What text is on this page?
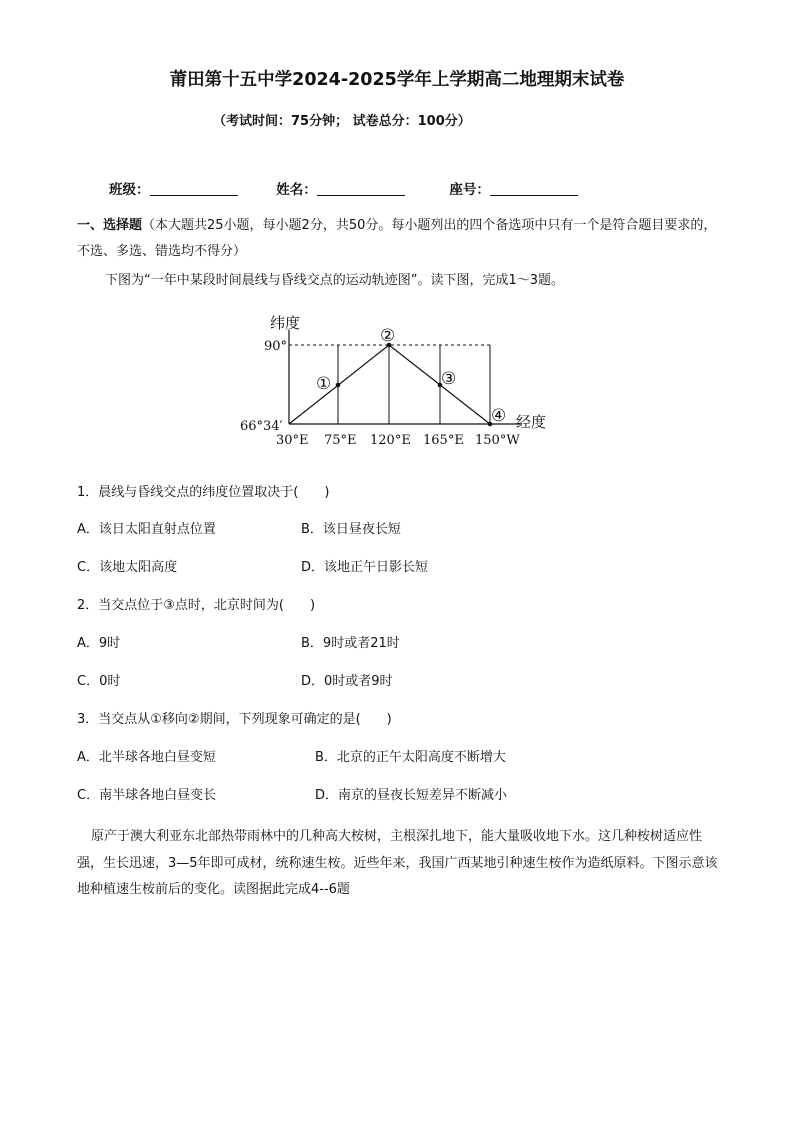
莆田第十五中学2024-2025学年上学期高二地理期末试卷
（考试时间：75分钟； 试卷总分：100分）
班级：	姓名：	座号：
一、选择题（本大题共25小题，每小题2分，共50分。每小题列出的四个备选项中只有一个是符合题目要求的，不选、多选、错选均不得分）
下图为“一年中某段时间晨线与昏线交点的运动轨迹图”。读下图，完成1～3题。
纬度
90°
66°34′	经度
①
②
③
④
30°E 75°E 120°E 165°E 150°W
1．晨线与昏线交点的纬度位置取决于(　　)
A．该日太阳直射点位置	B．该日昼夜长短
C．该地太阳高度	D．该地正午日影长短
2．当交点位于③点时，北京时间为(　　)
A．9时	B．9时或者21时
C．0时	D．0时或者9时
3．当交点从①移向②期间，下列现象可确定的是(　　)
A．北半球各地白昼变短	B．北京的正午太阳高度不断增大
C．南半球各地白昼变长	D．南京的昼夜长短差异不断减小
原产于澳大利亚东北部热带雨林中的几种高大桉树，主根深扎地下，能大量吸收地下水。这几种桉树适应性强，生长迅速，3—5年即可成材，统称速生桉。近些年来，我国广西某地引种速生桉作为造纸原料。下图示意该地种植速生桉前后的变化。读图据此完成4--6题
